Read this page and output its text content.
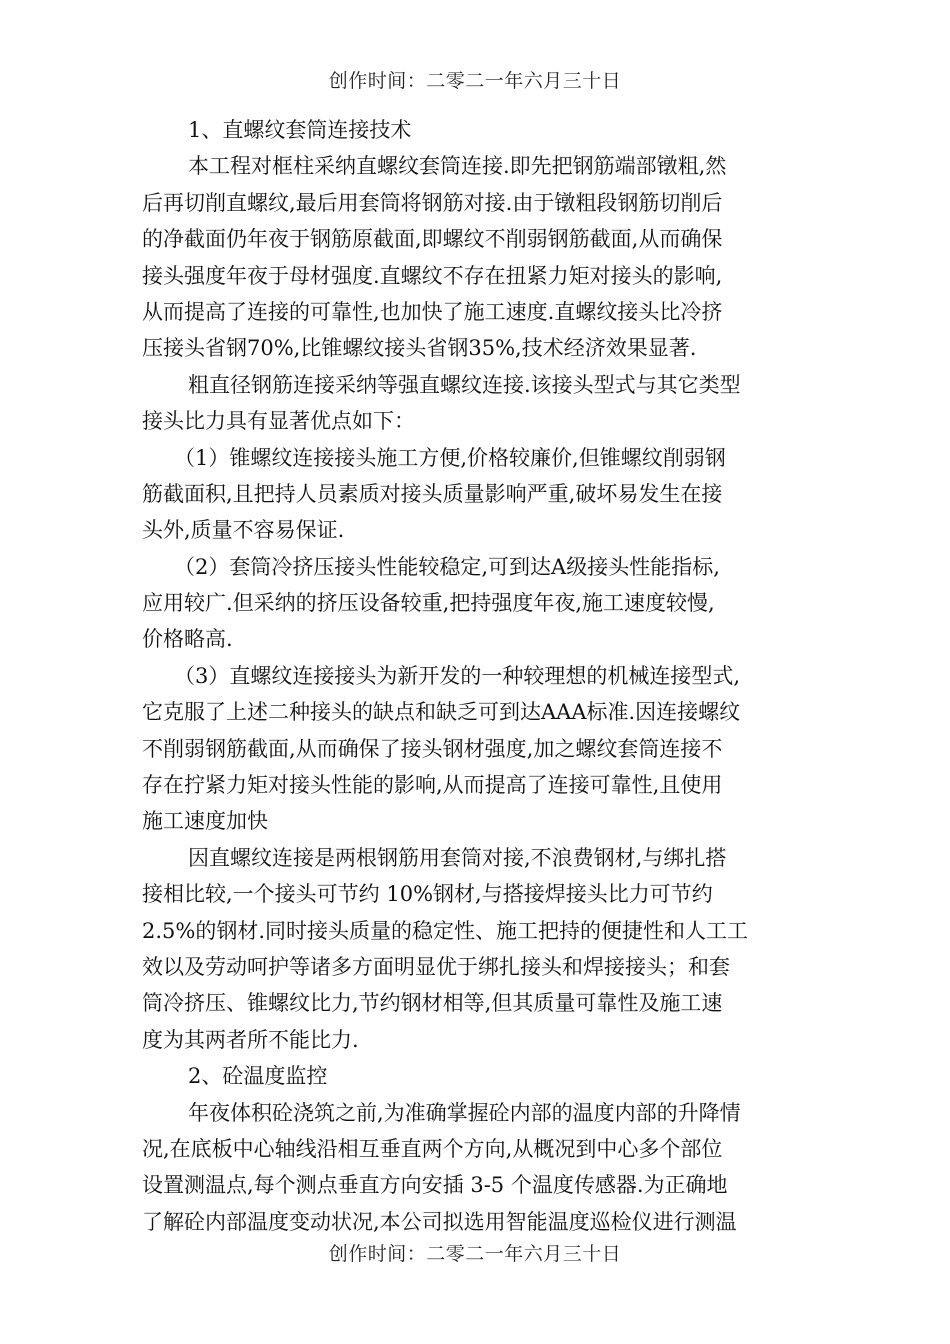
创作时间：二零二一年六月三十日
1、直螺纹套筒连接技术
本工程对框柱采纳直螺纹套筒连接.即先把钢筋端部镦粗,然
后再切削直螺纹,最后用套筒将钢筋对接.由于镦粗段钢筋切削后
的净截面仍年夜于钢筋原截面,即螺纹不削弱钢筋截面,从而确保
接头强度年夜于母材强度.直螺纹不存在扭紧力矩对接头的影响,
从而提高了连接的可靠性,也加快了施工速度.直螺纹接头比冷挤
压接头省钢70%,比锥螺纹接头省钢35%,技术经济效果显著.
粗直径钢筋连接采纳等强直螺纹连接.该接头型式与其它类型
接头比力具有显著优点如下：
（1）锥螺纹连接接头施工方便,价格较廉价,但锥螺纹削弱钢
筋截面积,且把持人员素质对接头质量影响严重,破坏易发生在接
头外,质量不容易保证.
（2）套筒冷挤压接头性能较稳定,可到达A级接头性能指标,
应用较广.但采纳的挤压设备较重,把持强度年夜,施工速度较慢,
价格略高.
（3）直螺纹连接接头为新开发的一种较理想的机械连接型式,
它克服了上述二种接头的缺点和缺乏可到达AAA标准.因连接螺纹
不削弱钢筋截面,从而确保了接头钢材强度,加之螺纹套筒连接不
存在拧紧力矩对接头性能的影响,从而提高了连接可靠性,且使用
施工速度加快
因直螺纹连接是两根钢筋用套筒对接,不浪费钢材,与绑扎搭
接相比较,一个接头可节约 10%钢材,与搭接焊接头比力可节约
2.5%的钢材.同时接头质量的稳定性、施工把持的便捷性和人工工
效以及劳动呵护等诸多方面明显优于绑扎接头和焊接接头；和套
筒冷挤压、锥螺纹比力,节约钢材相等,但其质量可靠性及施工速
度为其两者所不能比力.
2、砼温度监控
年夜体积砼浇筑之前,为准确掌握砼内部的温度内部的升降情
况,在底板中心轴线沿相互垂直两个方向,从概况到中心多个部位
设置测温点,每个测点垂直方向安插 3-5 个温度传感器.为正确地
了解砼内部温度变动状况,本公司拟选用智能温度巡检仪进行测温
创作时间：二零二一年六月三十日
